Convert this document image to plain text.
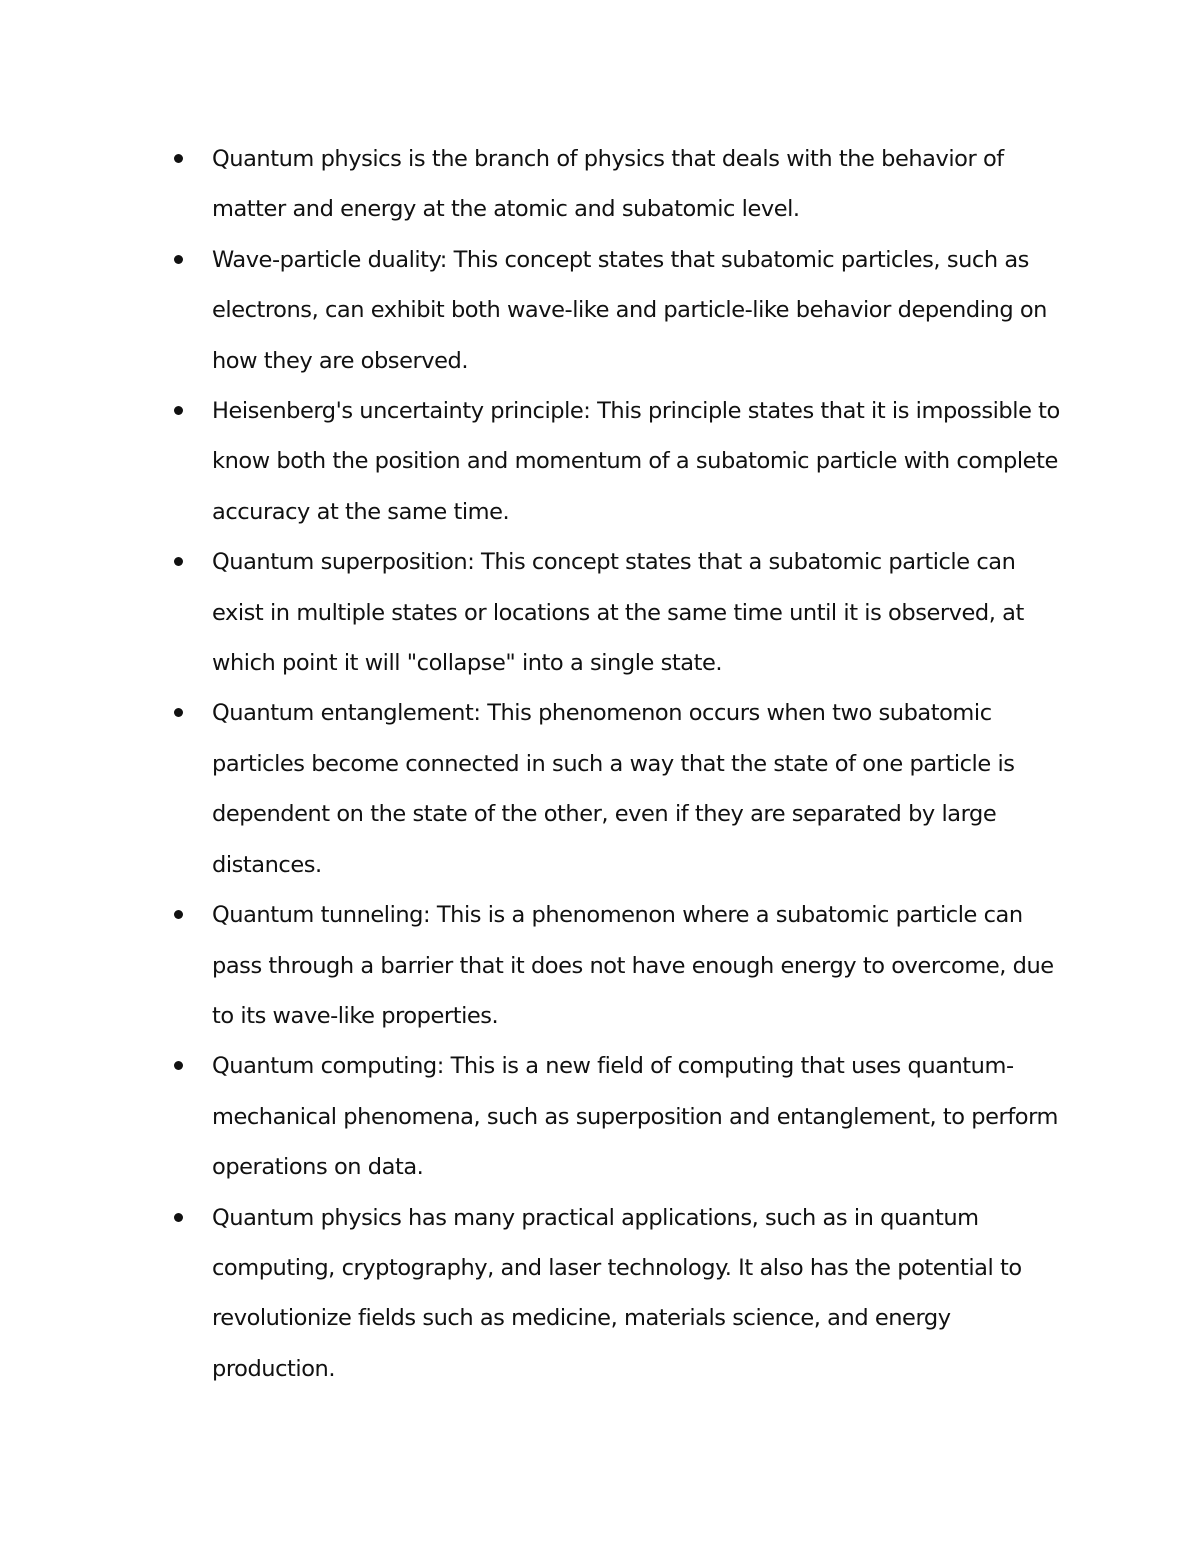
Quantum physics is the branch of physics that deals with the behavior of matter and energy at the atomic and subatomic level.
Wave-particle duality: This concept states that subatomic particles, such as electrons, can exhibit both wave-like and particle-like behavior depending on how they are observed.
Heisenberg's uncertainty principle: This principle states that it is impossible to know both the position and momentum of a subatomic particle with complete accuracy at the same time.
Quantum superposition: This concept states that a subatomic particle can exist in multiple states or locations at the same time until it is observed, at which point it will "collapse" into a single state.
Quantum entanglement: This phenomenon occurs when two subatomic particles become connected in such a way that the state of one particle is dependent on the state of the other, even if they are separated by large distances.
Quantum tunneling: This is a phenomenon where a subatomic particle can pass through a barrier that it does not have enough energy to overcome, due to its wave-like properties.
Quantum computing: This is a new field of computing that uses quantum-mechanical phenomena, such as superposition and entanglement, to perform operations on data.
Quantum physics has many practical applications, such as in quantum computing, cryptography, and laser technology. It also has the potential to revolutionize fields such as medicine, materials science, and energy production.
